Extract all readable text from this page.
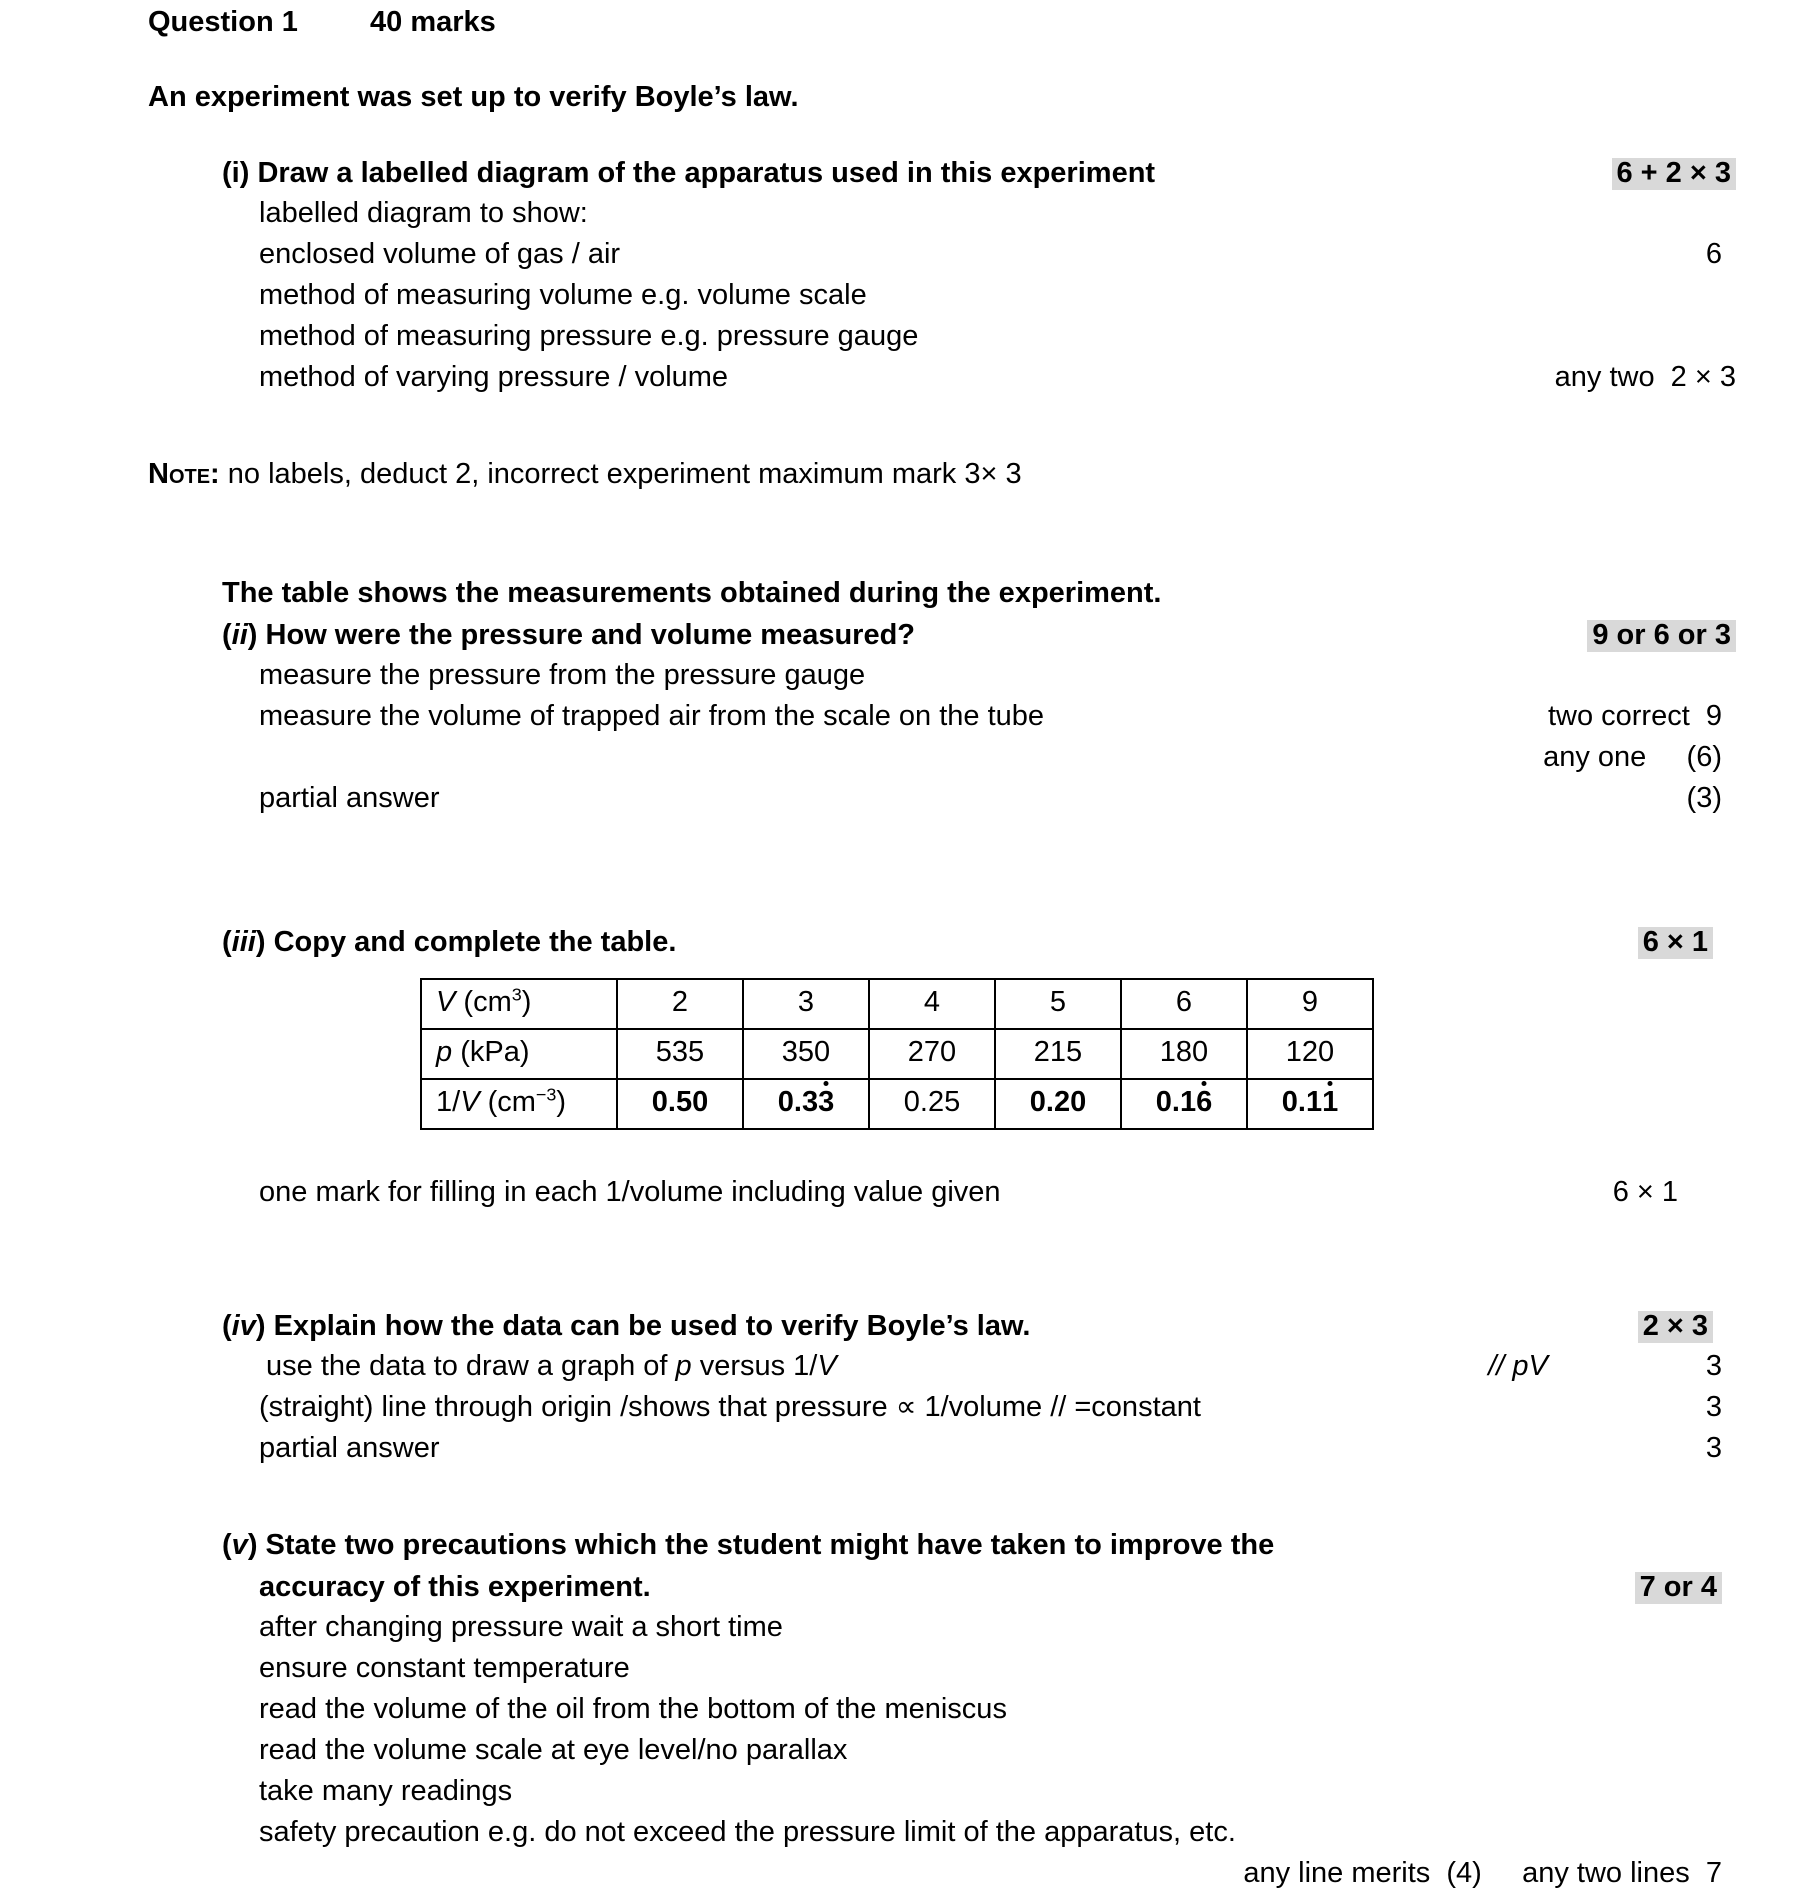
Question 1	40 marks
An experiment was set up to verify Boyle’s law.
(i)
Draw a labelled diagram of the apparatus used in this experiment	6 + 2 × 3
labelled diagram to show:
enclosed volume of gas / air	6
method of measuring volume e.g. volume scale
method of measuring pressure e.g. pressure gauge
method of varying pressure / volume	any two  2 × 3
Note:
no labels, deduct 2, incorrect experiment maximum mark 3× 3
The table shows the measurements obtained during the experiment.
(ii)
How were the pressure and volume measured?	9 or 6 or 3
measure the pressure from the pressure gauge
measure the volume of trapped air from the scale on the tube	two correct  9
any one     (6)
partial answer	(3)
(iii)
Copy and complete the table.	6 × 1
V $(cm^3)$	2	3	4	5	6	9
p (kPa)	535	350	270	215	180	120
1/V $(cm^{-3})$	0.50	0.33	0.25	0.20	0.16	0.11
one mark for filling in each 1/volume including value given	6 × 1
(iv)
Explain how the data can be used to verify Boyle’s law.	2 × 3
use the data to draw a graph of p versus 1/V	// pV	3
(straight) line through origin /shows that pressure ∝ 1/volume // =constant	3
partial answer	3
(v)
State two precautions which the student might have taken to improve the
accuracy of this experiment.	7 or 4
after changing pressure wait a short time
ensure constant temperature
read the volume of the oil from the bottom of the meniscus
read the volume scale at eye level/no parallax
take many readings
safety precaution e.g. do not exceed the pressure limit of the apparatus, etc.
any line merits  (4)     any two lines  7
